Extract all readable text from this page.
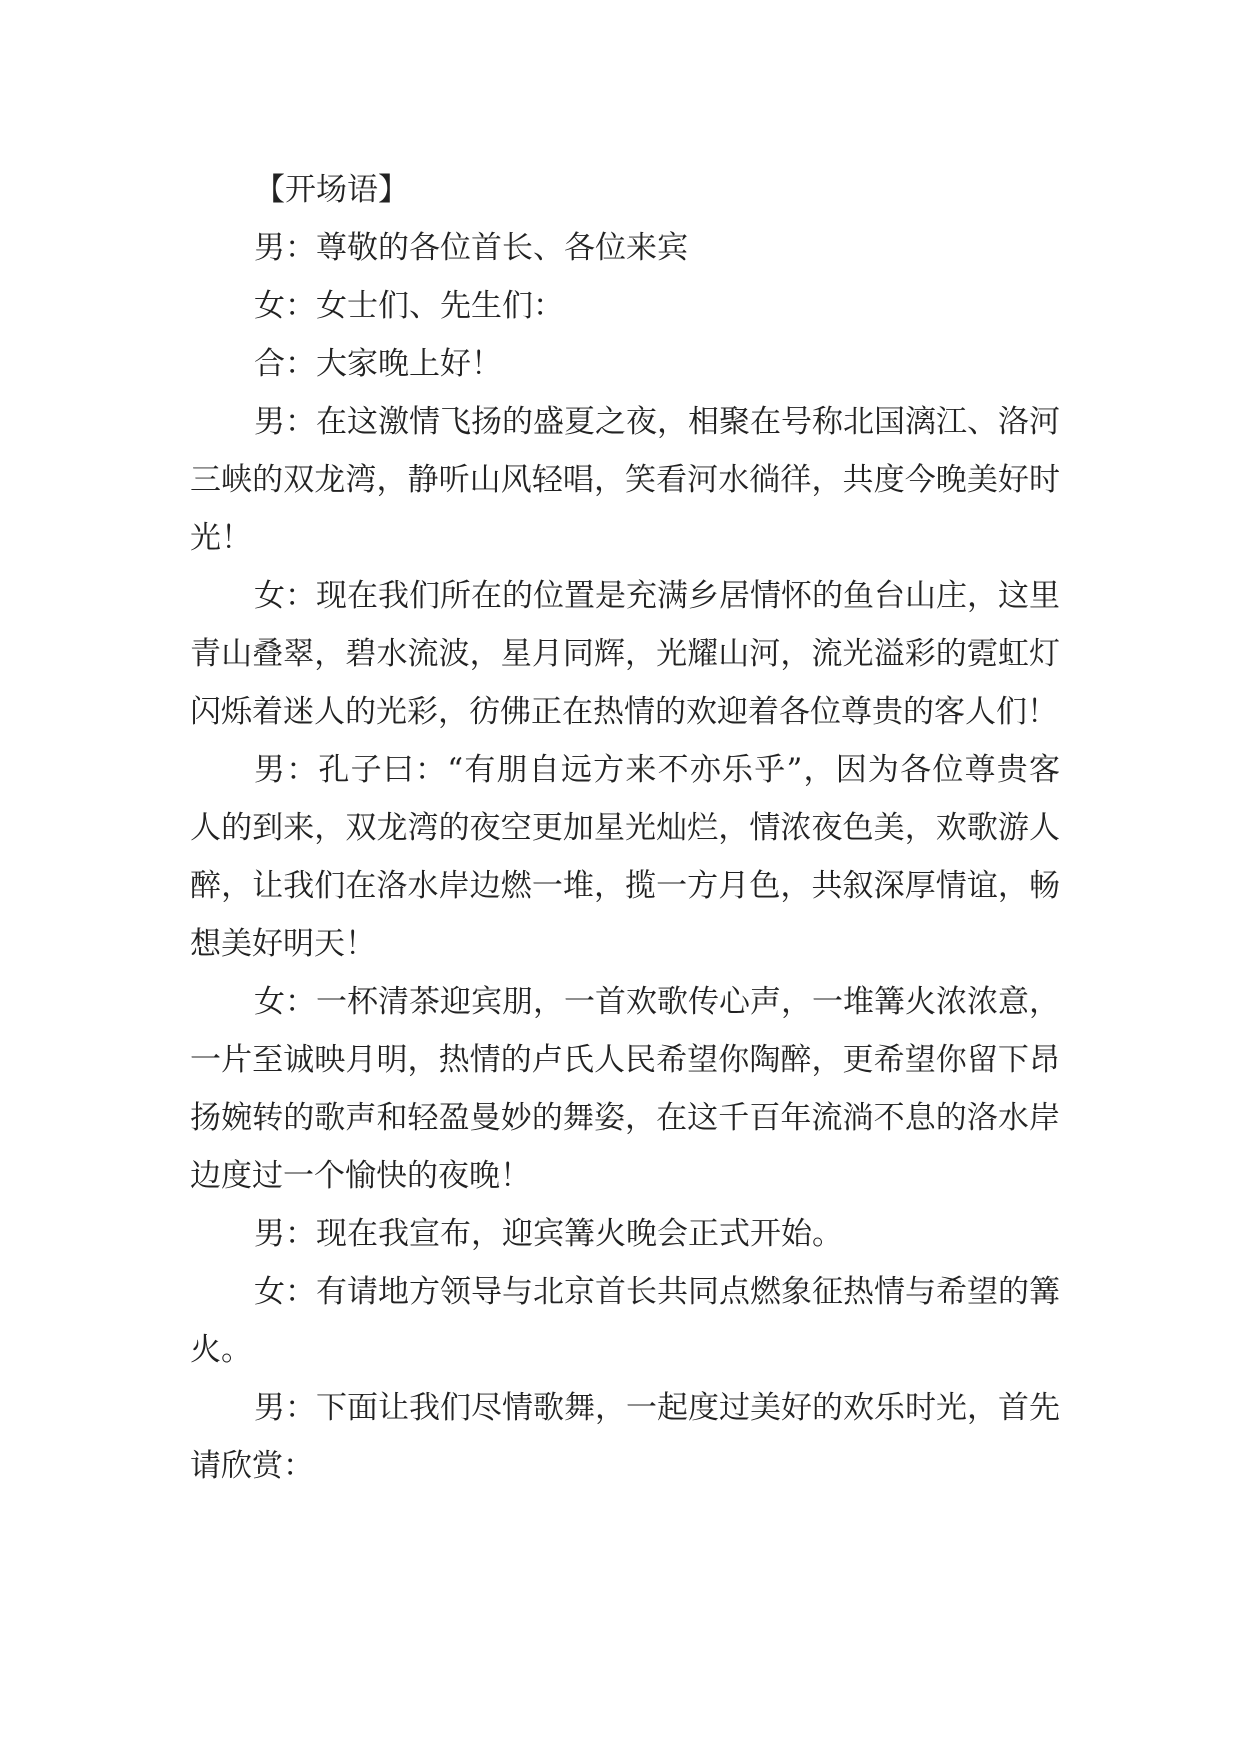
【开场语】

男：尊敬的各位首长、各位来宾

女：女士们、先生们：

合：大家晚上好！

男：在这激情飞扬的盛夏之夜，相聚在号称北国漓江、洛河三峡的双龙湾，静听山风轻唱，笑看河水徜徉，共度今晚美好时光！

女：现在我们所在的位置是充满乡居情怀的鱼台山庄，这里青山叠翠，碧水流波，星月同辉，光耀山河，流光溢彩的霓虹灯闪烁着迷人的光彩，彷佛正在热情的欢迎着各位尊贵的客人们！

男：孔子曰：“有朋自远方来不亦乐乎”，因为各位尊贵客人的到来，双龙湾的夜空更加星光灿烂，情浓夜色美，欢歌游人醉，让我们在洛水岸边燃一堆，揽一方月色，共叙深厚情谊，畅想美好明天！

女：一杯清茶迎宾朋，一首欢歌传心声，一堆篝火浓浓意，一片至诚映月明，热情的卢氏人民希望你陶醉，更希望你留下昂扬婉转的歌声和轻盈曼妙的舞姿，在这千百年流淌不息的洛水岸边度过一个愉快的夜晚！

男：现在我宣布，迎宾篝火晚会正式开始。

女：有请地方领导与北京首长共同点燃象征热情与希望的篝火。

男：下面让我们尽情歌舞，一起度过美好的欢乐时光，首先请欣赏：
